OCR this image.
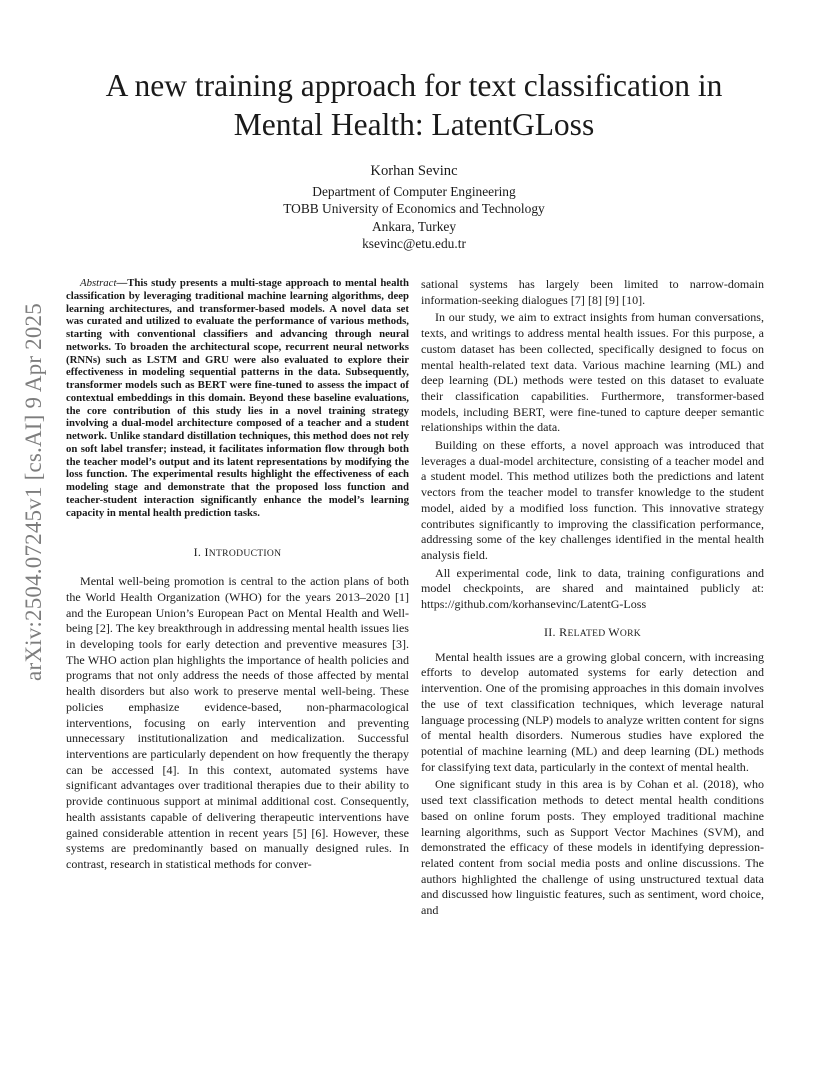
arXiv:2504.07245v1 [cs.AI] 9 Apr 2025
A new training approach for text classification in
Mental Health: LatentGLoss
Korhan Sevinc
Department of Computer Engineering
TOBB University of Economics and Technology
Ankara, Turkey
ksevinc@etu.edu.tr

Abstract—This study presents a multi-stage approach to mental health classification by leveraging traditional machine learning algorithms, deep learning architectures, and transformer-based models. A novel data set was curated and utilized to evaluate the performance of various methods, starting with conventional classifiers and advancing through neural networks. To broaden the architectural scope, recurrent neural networks (RNNs) such as LSTM and GRU were also evaluated to explore their effectiveness in modeling sequential patterns in the data. Subsequently, transformer models such as BERT were fine-tuned to assess the impact of contextual embeddings in this domain. Beyond these baseline evaluations, the core contribution of this study lies in a novel training strategy involving a dual-model architecture composed of a teacher and a student network. Unlike standard distillation techniques, this method does not rely on soft label transfer; instead, it facilitates information flow through both the teacher model’s output and its latent representations by modifying the loss function. The experimental results highlight the effectiveness of each modeling stage and demonstrate that the proposed loss function and teacher-student interaction significantly enhance the model’s learning capacity in mental health prediction tasks.

I. INTRODUCTION

Mental well-being promotion is central to the action plans of both the World Health Organization (WHO) for the years 2013–2020 [1] and the European Union’s European Pact on Mental Health and Well-being [2]. The key breakthrough in addressing mental health issues lies in developing tools for early detection and preventive measures [3]. The WHO action plan highlights the importance of health policies and programs that not only address the needs of those affected by mental health disorders but also work to preserve mental well-being. These policies emphasize evidence-based, non-pharmacological interventions, focusing on early intervention and preventing unnecessary institutionalization and medicalization. Successful interventions are particularly dependent on how frequently the therapy can be accessed [4]. In this context, automated systems have significant advantages over traditional therapies due to their ability to provide continuous support at minimal additional cost. Consequently, health assistants capable of delivering therapeutic interventions have gained considerable attention in recent years [5] [6]. However, these systems are predominantly based on manually designed rules. In contrast, research in statistical methods for conver-

sational systems has largely been limited to narrow-domain information-seeking dialogues [7] [8] [9] [10].

In our study, we aim to extract insights from human conversations, texts, and writings to address mental health issues. For this purpose, a custom dataset has been collected, specifically designed to focus on mental health-related text data. Various machine learning (ML) and deep learning (DL) methods were tested on this dataset to evaluate their classification capabilities. Furthermore, transformer-based models, including BERT, were fine-tuned to capture deeper semantic relationships within the data.

Building on these efforts, a novel approach was introduced that leverages a dual-model architecture, consisting of a teacher model and a student model. This method utilizes both the predictions and latent vectors from the teacher model to transfer knowledge to the student model, aided by a modified loss function. This innovative strategy contributes significantly to improving the classification performance, addressing some of the key challenges identified in the mental health analysis field.

All experimental code, link to data, training configurations and model checkpoints, are shared and maintained publicly at: https://github.com/korhansevinc/LatentG-Loss

II. RELATED WORK

Mental health issues are a growing global concern, with increasing efforts to develop automated systems for early detection and intervention. One of the promising approaches in this domain involves the use of text classification techniques, which leverage natural language processing (NLP) models to analyze written content for signs of mental health disorders. Numerous studies have explored the potential of machine learning (ML) and deep learning (DL) methods for classifying text data, particularly in the context of mental health.

One significant study in this area is by Cohan et al. (2018), who used text classification methods to detect mental health conditions based on online forum posts. They employed traditional machine learning algorithms, such as Support Vector Machines (SVM), and demonstrated the efficacy of these models in identifying depression-related content from social media posts and online discussions. The authors highlighted the challenge of using unstructured textual data and discussed how linguistic features, such as sentiment, word choice, and
